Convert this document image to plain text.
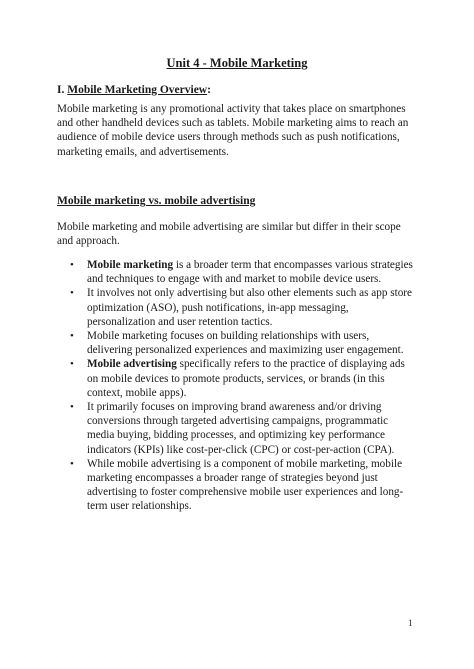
Unit 4 - Mobile Marketing
I. Mobile Marketing Overview:

Mobile marketing is any promotional activity that takes place on smartphones and other handheld devices such as tablets. Mobile marketing aims to reach an audience of mobile device users through methods such as push notifications, marketing emails, and advertisements.

Mobile marketing vs. mobile advertising

Mobile marketing and mobile advertising are similar but differ in their scope and approach.

• Mobile marketing is a broader term that encompasses various strategies and techniques to engage with and market to mobile device users.
• It involves not only advertising but also other elements such as app store optimization (ASO), push notifications, in-app messaging, personalization and user retention tactics.
• Mobile marketing focuses on building relationships with users, delivering personalized experiences and maximizing user engagement.
• Mobile advertising specifically refers to the practice of displaying ads on mobile devices to promote products, services, or brands (in this context, mobile apps).
• It primarily focuses on improving brand awareness and/or driving conversions through targeted advertising campaigns, programmatic media buying, bidding processes, and optimizing key performance indicators (KPIs) like cost-per-click (CPC) or cost-per-action (CPA).
• While mobile advertising is a component of mobile marketing, mobile marketing encompasses a broader range of strategies beyond just advertising to foster comprehensive mobile user experiences and long-term user relationships.
1
